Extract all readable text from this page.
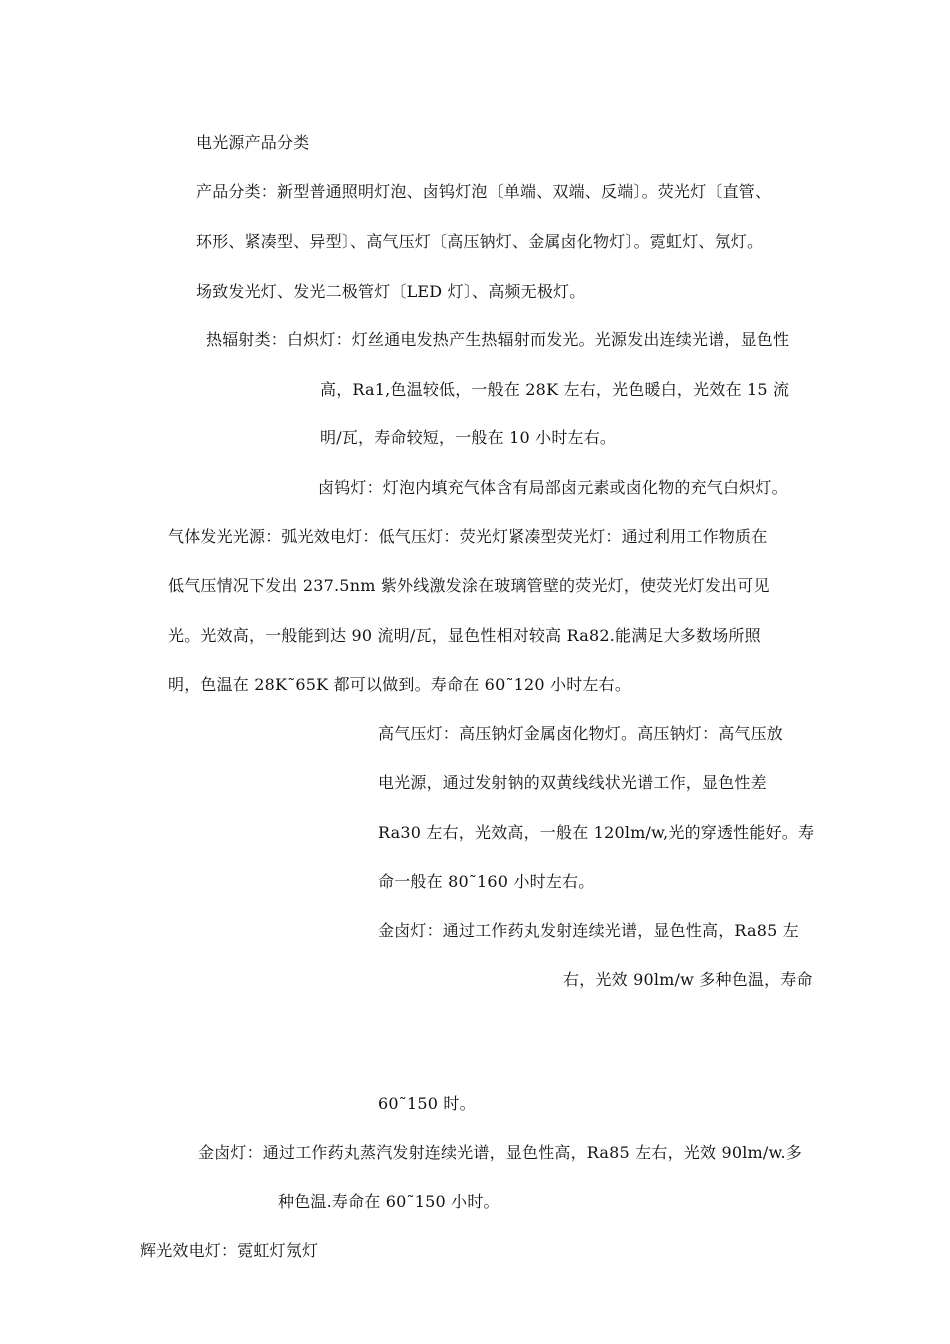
电光源产品分类
产品分类：新型普通照明灯泡、卤钨灯泡〔单端、双端、反端〕。荧光灯〔直管、
环形、紧凑型、异型〕、高气压灯〔高压钠灯、金属卤化物灯〕。霓虹灯、氖灯。
场致发光灯、发光二极管灯〔LED 灯〕、高频无极灯。
热辐射类：白炽灯：灯丝通电发热产生热辐射而发光。光源发出连续光谱，显色性
高，Ra1,色温较低，一般在 28K 左右，光色暖白，光效在 15 流
明/瓦，寿命较短，一般在 10 小时左右。
卤钨灯：灯泡内填充气体含有局部卤元素或卤化物的充气白炽灯。
气体发光光源：弧光效电灯：低气压灯：荧光灯紧凑型荧光灯：通过利用工作物质在
低气压情况下发出 237.5nm 紫外线激发涂在玻璃管壁的荧光灯，使荧光灯发出可见
光。光效高，一般能到达 90 流明/瓦，显色性相对较高 Ra82.能满足大多数场所照
明，色温在 28K˜65K 都可以做到。寿命在 60˜120 小时左右。
高气压灯：高压钠灯金属卤化物灯。高压钠灯：高气压放
电光源，通过发射钠的双黄线线状光谱工作，显色性差
Ra30 左右，光效高，一般在 120lm/w,光的穿透性能好。寿
命一般在 80˜160 小时左右。
金卤灯：通过工作药丸发射连续光谱，显色性高，Ra85 左
右，光效 90lm/w 多种色温，寿命
60˜150 时。
金卤灯：通过工作药丸蒸汽发射连续光谱，显色性高，Ra85 左右，光效 90lm/w.多
种色温.寿命在 60˜150 小时。
辉光效电灯：霓虹灯氖灯
